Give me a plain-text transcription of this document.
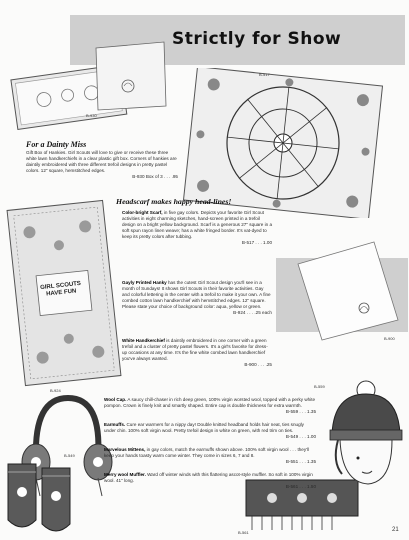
Strictly for Show
B-930
For a Dainty Miss
Gift Box of Hankies. Girl Scouts will love to give or receive these three white lawn handkerchiefs in a clear plastic gift box. Corners of hankies are daintily embroidered with three different trefoil designs in pretty pastel colors. 12" square, hemstitched edges.
B-930 Box of 3 . . . .95
B-517
Headscarf makes happy head-lines!
GIRL SCOUTS HAVE FUN
B-924
Color-bright Scarf, in five gay colors. Depicts your favorite Girl Scout activities in eight charming sketches, hand-screen printed in a trefoil design on a bright yellow background. Scarf is a generous 27" square in a soft spun rayon linen weave; has a white fringed border. It's vat-dyed to keep its pretty colors after tubbing.
B-517 . . . 1.00
Gayly Printed Hanky has the cutest Girl Scout design you'll see in a month of Sundays! It shows Girl Scouts in their favorite activities. Gay and colorful lettering in the center with a trefoil to make it your own. A fine combed cotton lawn handkerchief with hemstitched edges. 12" square. Please state your choice of background color: aqua, yellow or green.
B-924 . . . .25 each
White Handkerchief is daintily embroidered in one corner with a green trefoil and a cluster of pretty pastel flowers. It's a girl's favorite for dress-up occasions at any time. It's the fine white combed lawn handkerchief you've always wanted.
B-900 . . . .25
B-900
B-549
B-561
B-559
Wool Cap. A saucy chill-chaser in rich deep green, 100% virgin worsted wool, topped with a perky white pompon. Crown is finely knit and smartly shaped. Entire cap is double thickness for extra warmth.
B-559 . . . 1.35
Earmuffs. Cure ear warmers for a nippy day! Double knitted headband holds hair neat, ties snugly under chin. 100% soft virgin wool. Pretty trefoil design in white on green, with red trim on ties.
B-549 . . . 1.00
Marvelous Mittens, in gay colors, match the earmuffs shown above. 100% soft virgin wool . . . they'll keep your hands toasty warm come winter. They come in sizes 6, 7 and 8.
B-551 . . . 1.35
Merry wool Muffler. Ward off winter winds with this flattering ascot-style muffler. So soft in 100% virgin wool. 41" long.
B-561 . . . 1.50
21
